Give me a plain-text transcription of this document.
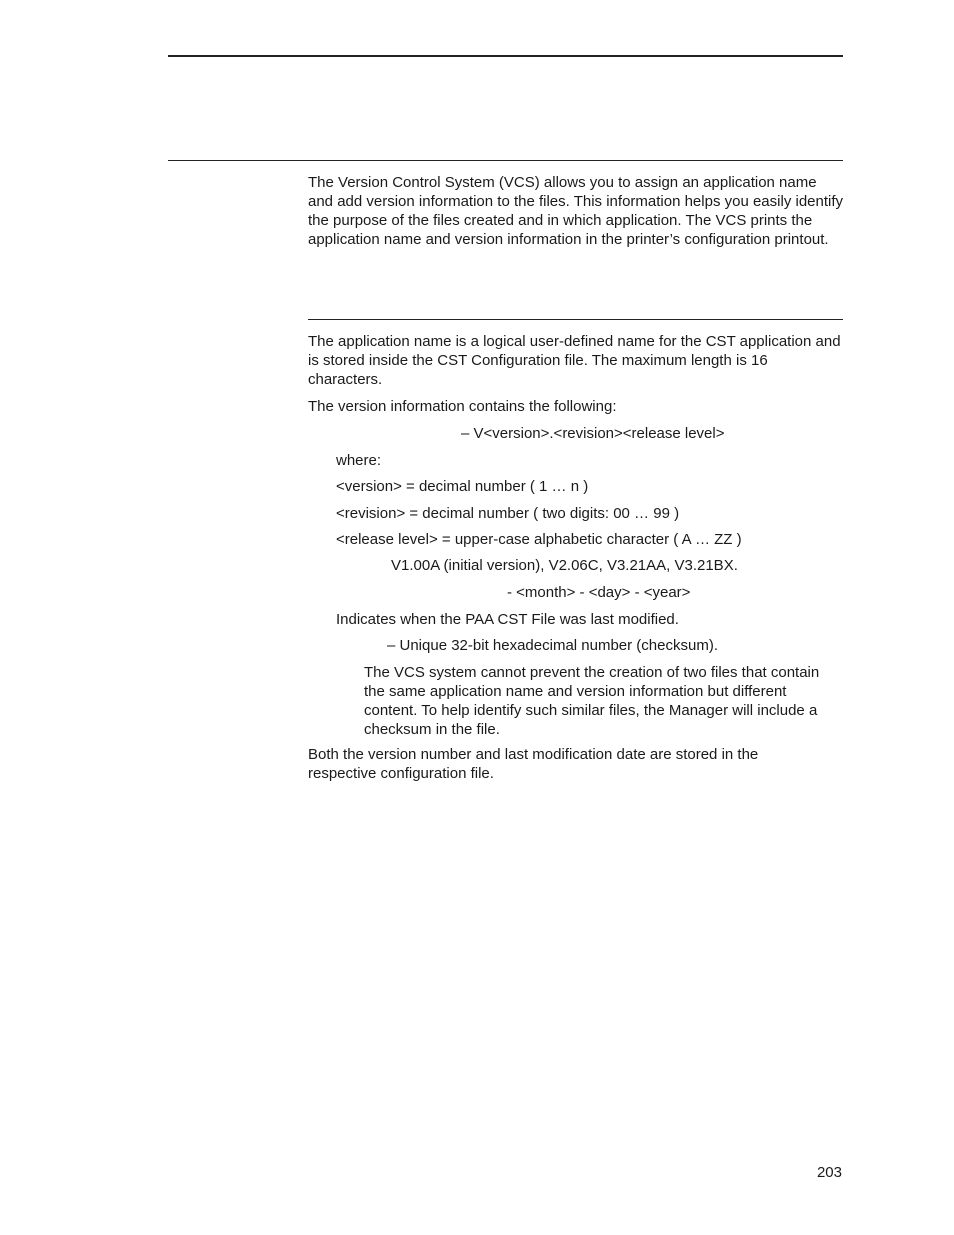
The Version Control System (VCS) allows you to assign an application name and add version information to the files. This information helps you easily identify the purpose of the files created and in which application. The VCS prints the application name and version information in the printer’s configuration printout.

The application name is a logical user-defined name for the CST application and is stored inside the CST Configuration file. The maximum length is 16 characters.

The version information contains the following:

– V<version>.<revision><release level>

where:

<version> = decimal number ( 1 … n )

<revision> = decimal number ( two digits: 00 … 99 )

<release level> = upper-case alphabetic character ( A … ZZ )

V1.00A (initial version), V2.06C, V3.21AA, V3.21BX.

- <month> - <day> - <year>

Indicates when the PAA CST File was last modified.

– Unique 32-bit hexadecimal number (checksum).

The VCS system cannot prevent the creation of two files that contain the same application name and version information but different content. To help identify such similar files, the Manager will include a checksum in the file.

Both the version number and last modification date are stored in the respective configuration file.

203
